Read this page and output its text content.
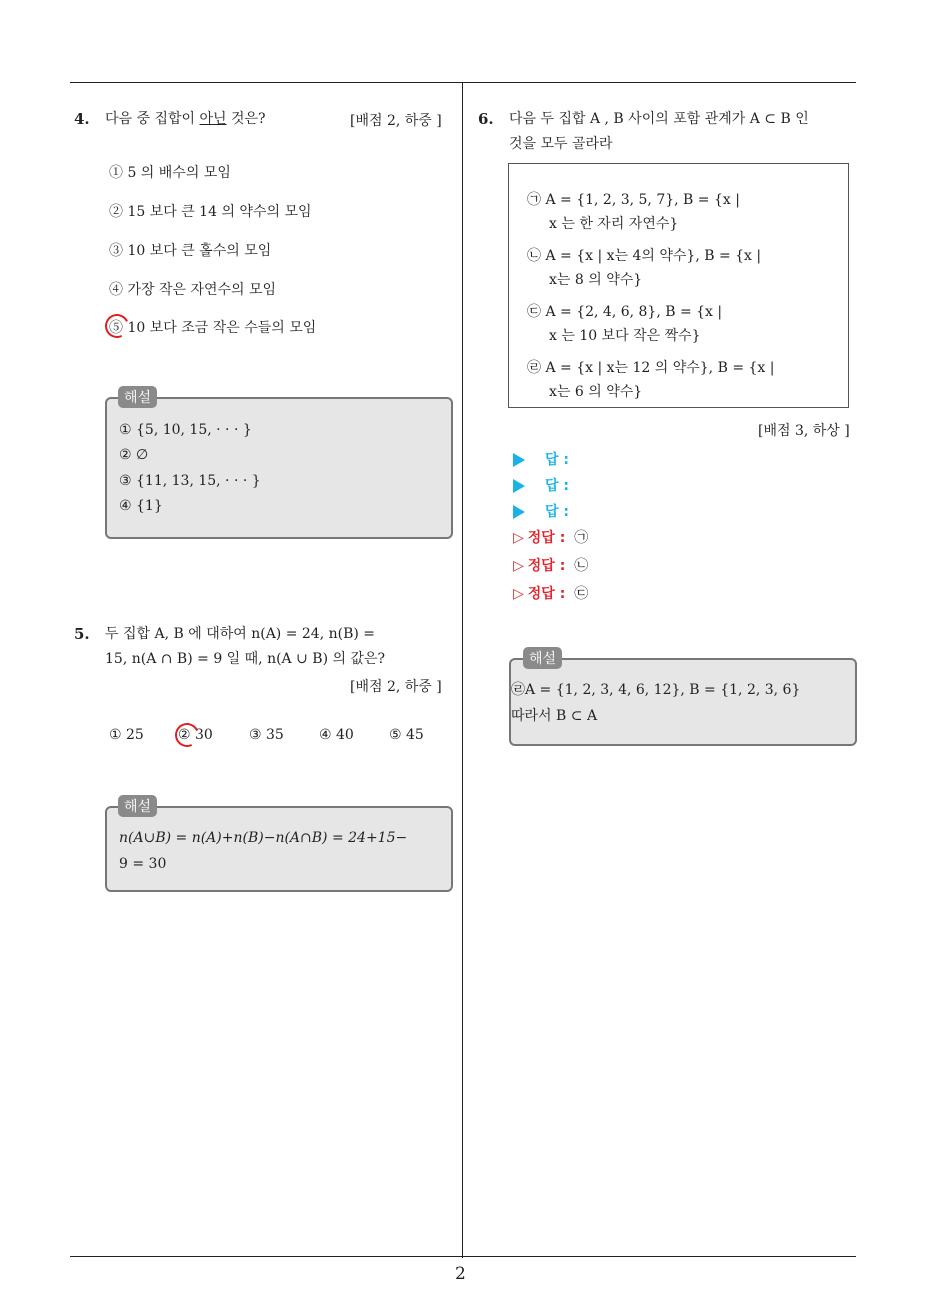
2
4. 다음 중 집합이 아닌 것은?	[배점 2, 하중 ]
① 5 의 배수의 모임
② 15 보다 큰 14 의 약수의 모임
③ 10 보다 큰 홀수의 모임
④ 가장 작은 자연수의 모임
⑤ 10 보다 조금 작은 수들의 모임
① {5, 10, 15, · · · }
② ∅
③ {11, 13, 15, · · · }
④ {1}
해설
5. 두 집합 A, B 에 대하여 n(A) = 24, n(B) =
15, n(A ∩ B) = 9 일 때, n(A ∪ B) 의 값은?
[배점 2, 하중 ]
① 25 ② 30	③ 35	④ 40	⑤ 45
n(A∪B) = n(A)+n(B)−n(A∩B) = 24+15−
9 = 30
해설
6. 다음 두 집합 A , B 사이의 포함 관계가 A ⊂ B 인
것을 모두 골라라
㉠ A = {1, 2, 3, 5, 7}, B = {x |
x 는 한 자리 자연수}
㉡ A = {x | x는 4의 약수}, B = {x |
x는 8 의 약수}
㉢ A = {2, 4, 6, 8}, B = {x |
x 는 10 보다 작은 짝수}
㉣ A = {x | x는 12 의 약수}, B = {x |
x는 6 의 약수}
[배점 3, 하상 ]
답 :
답 :
답 :
▷ 정답 : ㉠
▷ 정답 : ㉡
▷ 정답 : ㉢
㉣A = {1, 2, 3, 4, 6, 12}, B = {1, 2, 3, 6}
따라서 B ⊂ A
해설
